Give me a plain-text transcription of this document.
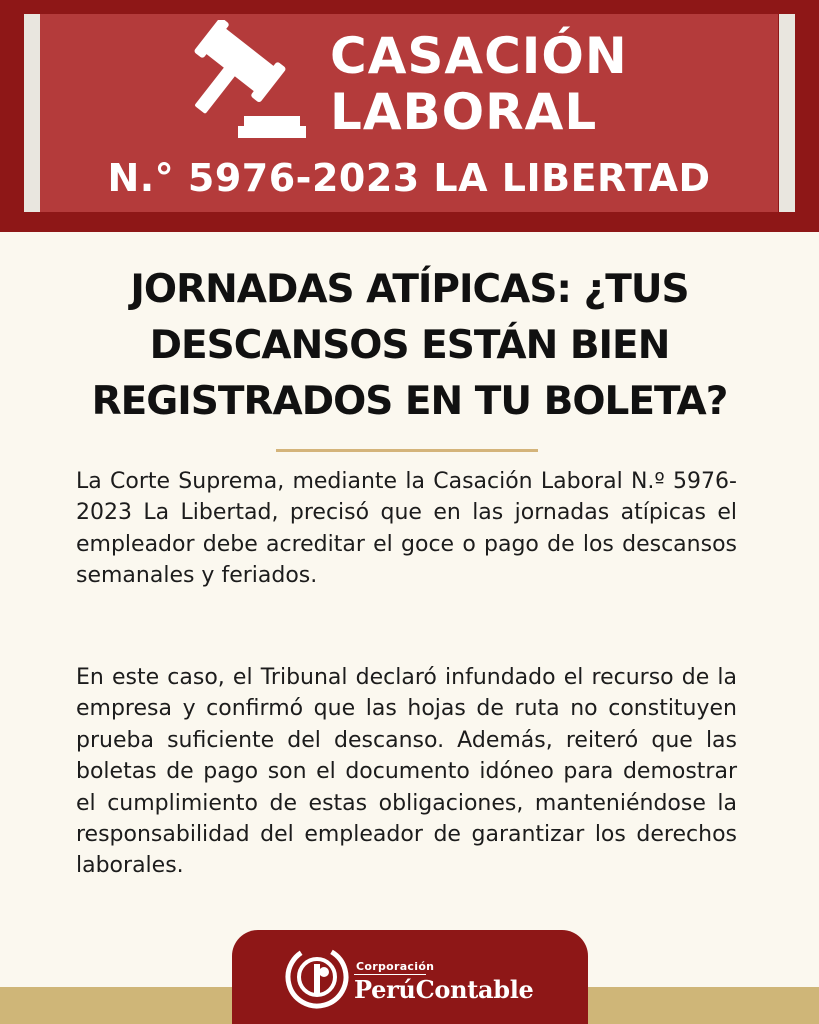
CASACIÓN
LABORAL
N.° 5976-2023 LA LIBERTAD
JORNADAS ATÍPICAS: ¿TUS
DESCANSOS ESTÁN BIEN
REGISTRADOS EN TU BOLETA?

La Corte Suprema, mediante la Casación Laboral N.º 5976-2023 La Libertad, precisó que en las jornadas atípicas el empleador debe acreditar el goce o pago de los descansos semanales y feriados.

En este caso, el Tribunal declaró infundado el recurso de la empresa y confirmó que las hojas de ruta no constituyen prueba suficiente del descanso. Además, reiteró que las boletas de pago son el documento idóneo para demostrar el cumplimiento de estas obligaciones, manteniéndose la responsabilidad del empleador de garantizar los derechos laborales.

Corporación
PerúContable
